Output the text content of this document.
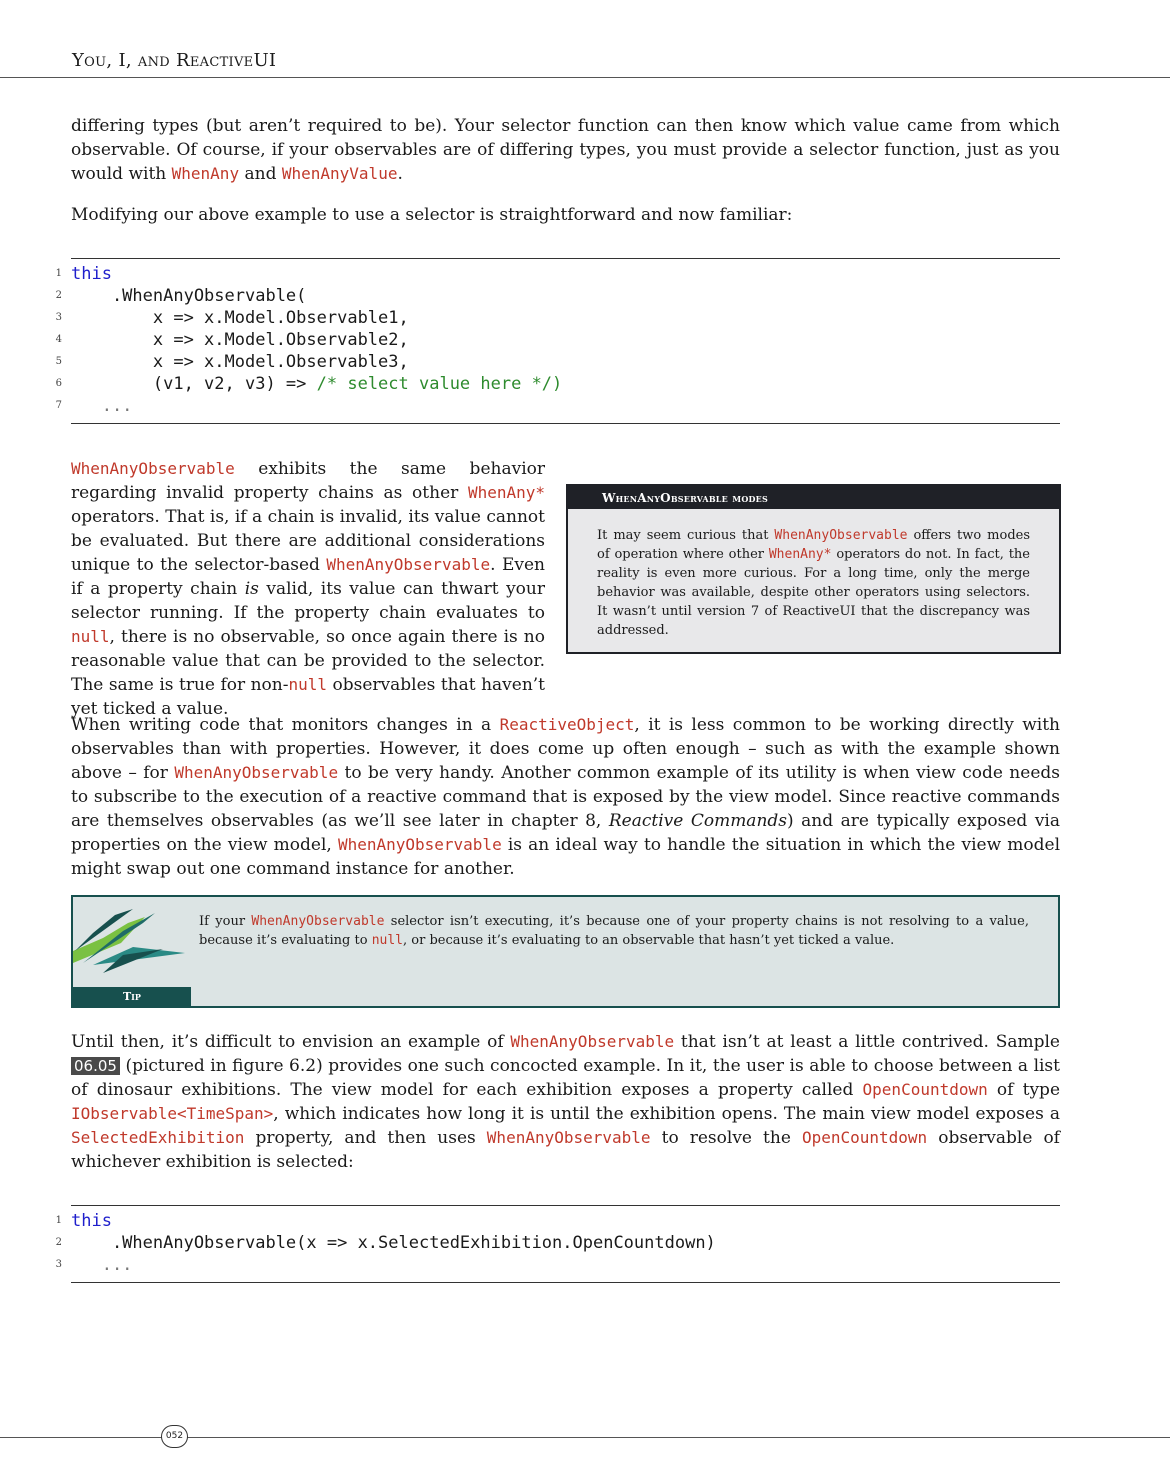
You, I, and ReactiveUI
differing types (but aren’t required to be). Your selector function can then know which value came from which observable. Of course, if your observables are of differing types, you must provide a selector function, just as you would with WhenAny and WhenAnyValue.
Modifying our above example to use a selector is straightforward and now familiar:
1 this
2 .WhenAnyObservable(
3 x => x.Model.Observable1,
4 x => x.Model.Observable2,
5 x => x.Model.Observable3,
6 (v1, v2, v3) => /* select value here */)
7 ...
WhenAnyObservable exhibits the same behavior regarding invalid property chains as other WhenAny* operators. That is, if a chain is invalid, its value cannot be evaluated. But there are additional considerations unique to the selector-based WhenAnyObservable. Even if a property chain is valid, its value can thwart your selector running. If the property chain evaluates to null, there is no observable, so once again there is no reasonable value that can be provided to the selector. The same is true for non-null observables that haven’t yet ticked a value.
WhenAnyObservable modes
It may seem curious that WhenAnyObservable offers two modes of operation where other WhenAny* operators do not. In fact, the reality is even more curious. For a long time, only the merge behavior was available, despite other operators using selectors. It wasn’t until version 7 of ReactiveUI that the discrepancy was addressed.
When writing code that monitors changes in a ReactiveObject, it is less common to be working directly with observables than with properties. However, it does come up often enough – such as with the example shown above – for WhenAnyObservable to be very handy. Another common example of its utility is when view code needs to subscribe to the execution of a reactive command that is exposed by the view model. Since reactive commands are themselves observables (as we’ll see later in chapter 8, Reactive Commands) and are typically exposed via properties on the view model, WhenAnyObservable is an ideal way to handle the situation in which the view model might swap out one command instance for another.
If your WhenAnyObservable selector isn’t executing, it’s because one of your property chains is not resolving to a value, because it’s evaluating to null, or because it’s evaluating to an observable that hasn’t yet ticked a value.
Tip
Until then, it’s difficult to envision an example of WhenAnyObservable that isn’t at least a little contrived. Sample 06.05 (pictured in figure 6.2) provides one such concocted example. In it, the user is able to choose between a list of dinosaur exhibitions. The view model for each exhibition exposes a property called OpenCountdown of type IObservable<TimeSpan>, which indicates how long it is until the exhibition opens. The main view model exposes a SelectedExhibition property, and then uses WhenAnyObservable to resolve the OpenCountdown observable of whichever exhibition is selected:
1 this
2 .WhenAnyObservable(x => x.SelectedExhibition.OpenCountdown)
3 ...
052
